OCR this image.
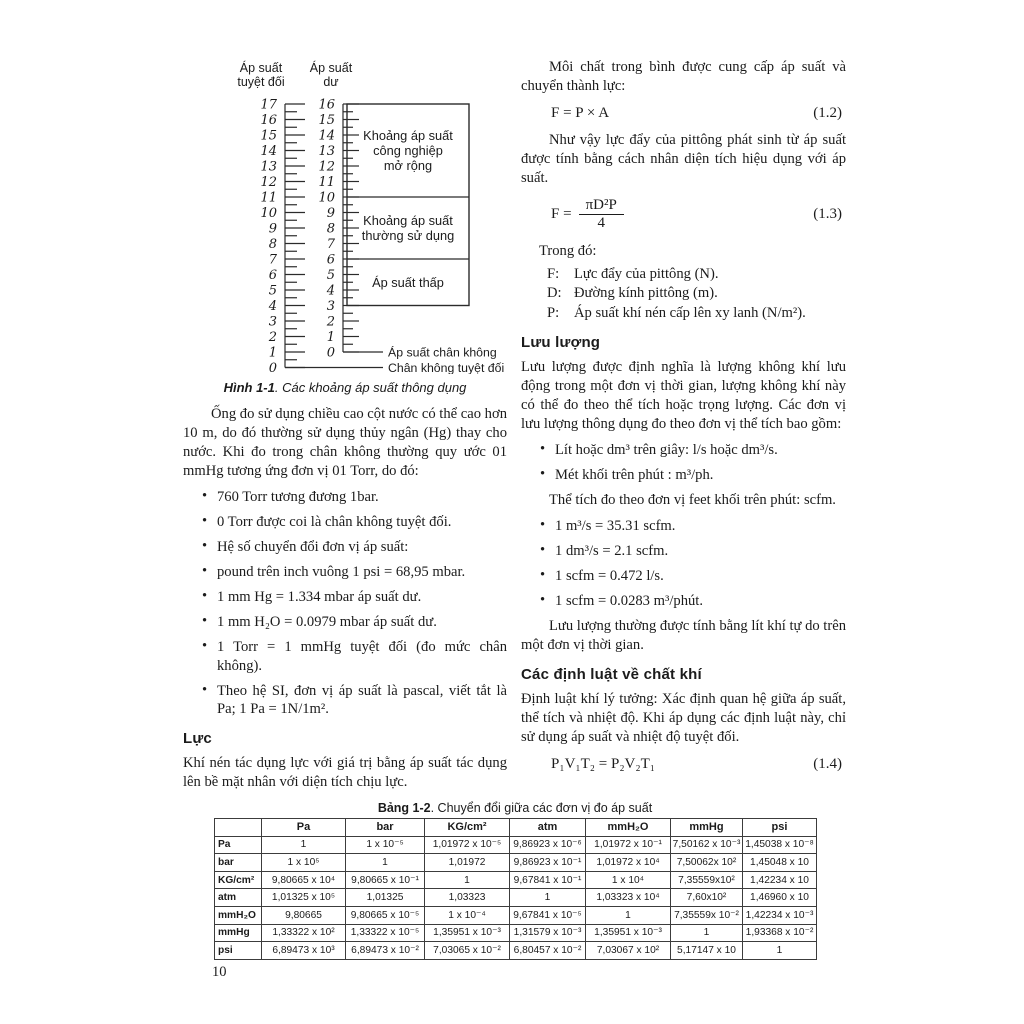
Áp suất
tuyệt đối
Áp suất
dư
17
16
15
14
13
12
11
10
9
8
7
6
5
4
3
2
1
0
16
15
14
13
12
11
10
9
8
7
6
5
4
3
2
1
0
Khoảng áp suất
công nghiệp
mở rộng
Khoảng áp suất
thường sử dụng
Áp suất thấp
Áp suất chân không
Chân không tuyệt đối
Hình 1-1. Các khoảng áp suất thông dụng

Ống đo sử dụng chiều cao cột nước có thể cao hơn 10 m, do đó thường sử dụng thủy ngân (Hg) thay cho nước. Khi đo trong chân không thường quy ước 01 mmHg tương ứng đơn vị 01 Torr, do đó:

• 760 Torr tương đương 1bar.
• 0 Torr được coi là chân không tuyệt đối.
• Hệ số chuyển đổi đơn vị áp suất:
• pound trên inch vuông 1 psi = 68,95 mbar.
• 1 mm Hg = 1.334 mbar áp suất dư.
• 1 mm H₂O = 0.0979 mbar áp suất dư.
• 1 Torr = 1 mmHg tuyệt đối (đo mức chân không).
• Theo hệ SI, đơn vị áp suất là pascal, viết tắt là Pa; 1 Pa = 1N/1m².
Lực

Khí nén tác dụng lực với giá trị bằng áp suất tác dụng lên bề mặt nhân với diện tích chịu lực.

Môi chất trong bình được cung cấp áp suất và chuyển thành lực:

F = P × A	(1.2)

Như vậy lực đẩy của pittông phát sinh từ áp suất được tính bằng cách nhân diện tích hiệu dụng với áp suất.

$F = \frac{\text{πD²P}}{4}$	(1.3)

Trong đó:

F:	Lực đẩy của pittông (N).
D: Đường kính pittông (m).
P:	Áp suất khí nén cấp lên xy lanh (N/m²).
Lưu lượng

Lưu lượng được định nghĩa là lượng không khí lưu động trong một đơn vị thời gian, lượng không khí này có thể đo theo thể tích hoặc trọng lượng. Các đơn vị lưu lượng thông dụng đo theo đơn vị thể tích bao gồm:

• Lít hoặc dm³ trên giây: l/s hoặc dm³/s.
• Mét khối trên phút : m³/ph.

Thể tích đo theo đơn vị feet khối trên phút: scfm.

• 1 m³/s = 35.31 scfm.
• 1 dm³/s = 2.1 scfm.
• 1 scfm = 0.472 l/s.
• 1 scfm = 0.0283 m³/phút.

Lưu lượng thường được tính bằng lít khí tự do trên một đơn vị thời gian.

Các định luật về chất khí

Định luật khí lý tưởng: Xác định quan hệ giữa áp suất, thể tích và nhiệt độ. Khi áp dụng các định luật này, chỉ sử dụng áp suất và nhiệt độ tuyệt đối.

P₁V₁T₂ = P₂V₂T₁	(1.4)
Bảng 1-2. Chuyển đổi giữa các đơn vị đo áp suất
	Pa	bar	KG/cm²	atm	mmH₂O	mmHg	psi
Pa	1	1 x 10⁻⁵	1,01972 x 10⁻⁵	9,86923 x 10⁻⁶	1,01972 x 10⁻¹	7,50162 x 10⁻³	1,45038 x 10⁻⁸
bar	1 x 10⁵	1	1,01972	9,86923 x 10⁻¹	1,01972 x 10⁴	7,50062x 10²	1,45048 x 10
KG/cm²	9,80665 x 10⁴	9,80665 x 10⁻¹	1	9,67841 x 10⁻¹	1 x 10⁴	7,35559x10²	1,42234 x 10
atm	1,01325 x 10⁵	1,01325	1,03323	1	1,03323 x 10⁴	7,60x10²	1,46960 x 10
mmH₂O	9,80665	9,80665 x 10⁻⁵	1 x 10⁻⁴	9,67841 x 10⁻⁵	1	7,35559x 10⁻²	1,42234 x 10⁻³
mmHg	1,33322 x 10²	1,33322 x 10⁻⁵	1,35951 x 10⁻³	1,31579 x 10⁻³	1,35951 x 10⁻³	1	1,93368 x 10⁻²
psi	6,89473 x 10³	6,89473 x 10⁻²	7,03065 x 10⁻²	6,80457 x 10⁻²	7,03067 x 10²	5,17147 x 10	1
10
